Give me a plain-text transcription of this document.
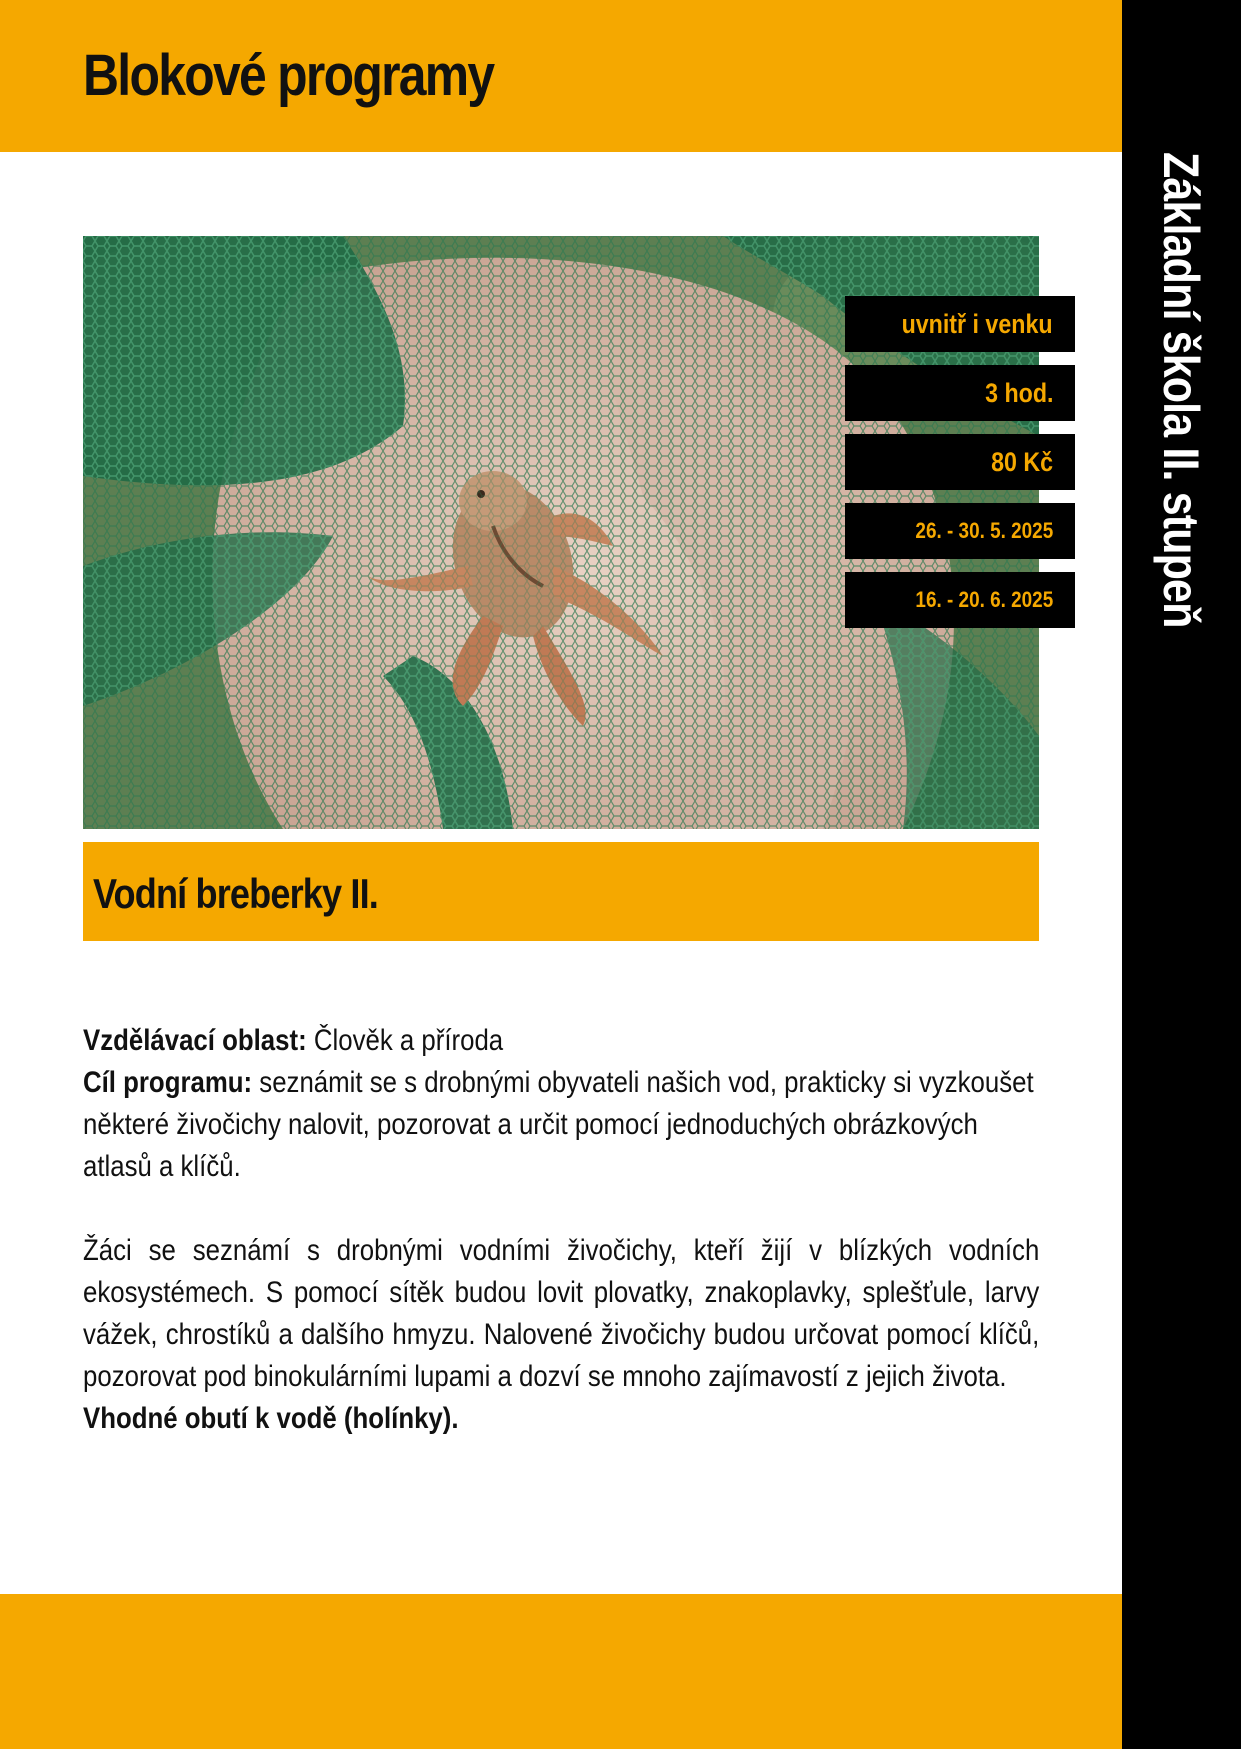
Blokové programy
Základní škola II. stupeň
uvnitř i venku
3 hod.
80 Kč
26. - 30. 5. 2025
16. - 20. 6. 2025
Vodní breberky II.

Vzdělávací oblast: Člověk a příroda

Cíl programu: seznámit se s drobnými obyvateli našich vod, prakticky si vyzkoušet některé živočichy nalovit, pozorovat a určit pomocí jednoduchých obrázkových atlasů a klíčů.

Žáci se seznámí s drobnými vodními živočichy, kteří žijí v blízkých vodních ekosystémech. S pomocí sítěk budou lovit plovatky, znakoplavky, splešťule, larvy vážek, chrostíků a dalšího hmyzu. Nalovené živočichy budou určovat pomocí klíčů, pozorovat pod binokulárními lupami a dozví se mnoho zajímavostí z jejich života.

Vhodné obutí k vodě (holínky).
